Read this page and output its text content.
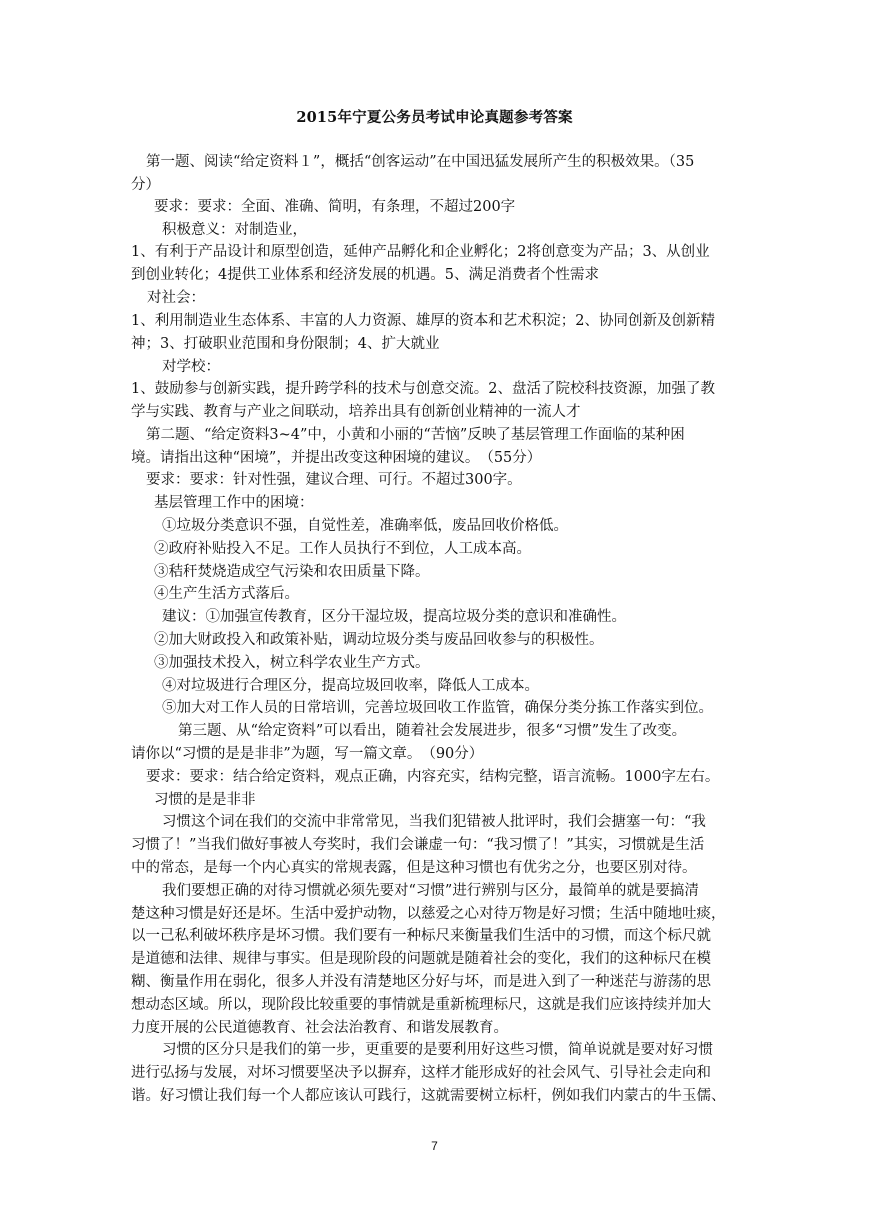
2015年宁夏公务员考试申论真题参考答案
第一题、阅读“给定资料１”，概括“创客运动”在中国迅猛发展所产生的积极效果。（35
分）
要求：要求：全面、准确、简明，有条理，不超过200字
积极意义：对制造业，
1、有利于产品设计和原型创造，延伸产品孵化和企业孵化；2将创意变为产品；3、从创业
到创业转化；4提供工业体系和经济发展的机遇。5、满足消费者个性需求
对社会：
1、利用制造业生态体系、丰富的人力资源、雄厚的资本和艺术积淀；2、协同创新及创新精
神；3、打破职业范围和身份限制；4、扩大就业
对学校：
1、鼓励参与创新实践，提升跨学科的技术与创意交流。2、盘活了院校科技资源，加强了教
学与实践、教育与产业之间联动，培养出具有创新创业精神的一流人才
第二题、“给定资料3~4”中，小黄和小丽的“苦恼”反映了基层管理工作面临的某种困
境。请指出这种“困境”，并提出改变这种困境的建议。　（55分）
要求：要求：针对性强，建议合理、可行。不超过300字。
基层管理工作中的困境：
①垃圾分类意识不强，自觉性差，准确率低，废品回收价格低。
②政府补贴投入不足。工作人员执行不到位，人工成本高。
③秸秆焚烧造成空气污染和农田质量下降。
④生产生活方式落后。
建议：①加强宣传教育，区分干湿垃圾，提高垃圾分类的意识和准确性。
②加大财政投入和政策补贴，调动垃圾分类与废品回收参与的积极性。
③加强技术投入，树立科学农业生产方式。
④对垃圾进行合理区分，提高垃圾回收率，降低人工成本。
⑤加大对工作人员的日常培训，完善垃圾回收工作监管，确保分类分拣工作落实到位。
第三题、从“给定资料”可以看出，随着社会发展进步，很多“习惯”发生了改变。
请你以“习惯的是是非非”为题，写一篇文章。　（90分）
要求：要求：结合给定资料，观点正确，内容充实，结构完整，语言流畅。1000字左右。
习惯的是是非非
习惯这个词在我们的交流中非常常见，当我们犯错被人批评时，我们会搪塞一句：“我
习惯了！”当我们做好事被人夸奖时，我们会谦虚一句：“我习惯了！”其实，习惯就是生活
中的常态，是每一个内心真实的常规表露，但是这种习惯也有优劣之分，也要区别对待。
我们要想正确的对待习惯就必须先要对“习惯”进行辨别与区分，最简单的就是要搞清
楚这种习惯是好还是坏。生活中爱护动物，以慈爱之心对待万物是好习惯；生活中随地吐痰，
以一己私利破坏秩序是坏习惯。我们要有一种标尺来衡量我们生活中的习惯，而这个标尺就
是道德和法律、规律与事实。但是现阶段的问题就是随着社会的变化，我们的这种标尺在模
糊、衡量作用在弱化，很多人并没有清楚地区分好与坏，而是进入到了一种迷茫与游荡的思
想动态区域。所以，现阶段比较重要的事情就是重新梳理标尺，这就是我们应该持续并加大
力度开展的公民道德教育、社会法治教育、和谐发展教育。
习惯的区分只是我们的第一步，更重要的是要利用好这些习惯，简单说就是要对好习惯
进行弘扬与发展，对坏习惯要坚决予以摒弃，这样才能形成好的社会风气、引导社会走向和
谐。好习惯让我们每一个人都应该认可践行，这就需要树立标杆，例如我们内蒙古的牛玉儒、
7
